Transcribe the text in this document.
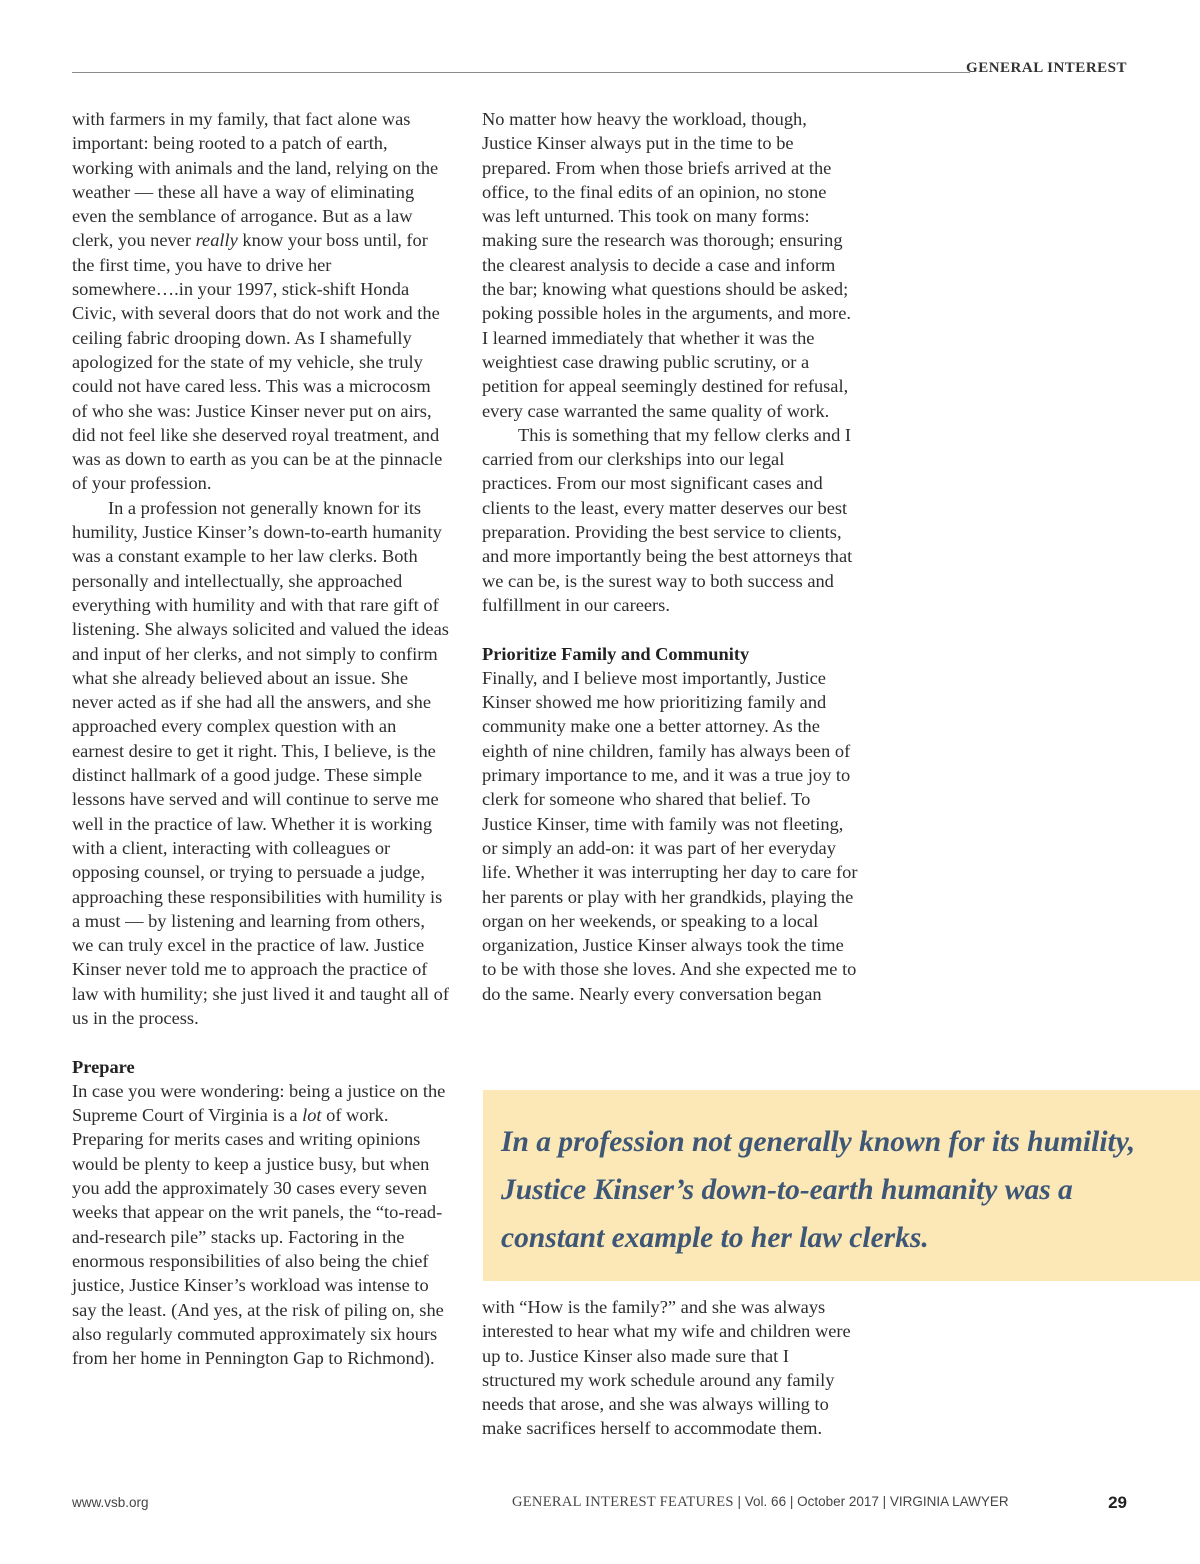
GENERAL INTEREST

with farmers in my family, that fact alone was important: being rooted to a patch of earth, working with animals and the land, relying on the weather — these all have a way of eliminating even the semblance of arrogance. But as a law clerk, you never really know your boss until, for the first time, you have to drive her somewhere….in your 1997, stick-shift Honda Civic, with several doors that do not work and the ceiling fabric drooping down. As I shamefully apologized for the state of my vehicle, she truly could not have cared less. This was a microcosm of who she was: Justice Kinser never put on airs, did not feel like she deserved royal treatment, and was as down to earth as you can be at the pinnacle of your profession.

In a profession not generally known for its humility, Justice Kinser’s down-to-earth humanity was a constant example to her law clerks. Both personally and intellectually, she approached everything with humility and with that rare gift of listening. She always solicited and valued the ideas and input of her clerks, and not simply to confirm what she already believed about an issue. She never acted as if she had all the answers, and she approached every complex question with an earnest desire to get it right. This, I believe, is the distinct hallmark of a good judge. These simple lessons have served and will continue to serve me well in the practice of law. Whether it is working with a client, interacting with colleagues or opposing counsel, or trying to persuade a judge, approaching these responsibilities with humility is a must — by listening and learning from others, we can truly excel in the practice of law. Justice Kinser never told me to approach the practice of law with humility; she just lived it and taught all of us in the process.

Prepare

In case you were wondering: being a justice on the Supreme Court of Virginia is a lot of work. Preparing for merits cases and writing opinions would be plenty to keep a justice busy, but when you add the approximately 30 cases every seven weeks that appear on the writ panels, the “to-read-and-research pile” stacks up. Factoring in the enormous responsibilities of also being the chief justice, Justice Kinser’s workload was intense to say the least. (And yes, at the risk of piling on, she also regularly commuted approximately six hours from her home in Pennington Gap to Richmond).

No matter how heavy the workload, though, Justice Kinser always put in the time to be prepared. From when those briefs arrived at the office, to the final edits of an opinion, no stone was left unturned. This took on many forms: making sure the research was thorough; ensuring the clearest analysis to decide a case and inform the bar; knowing what questions should be asked; poking possible holes in the arguments, and more. I learned immediately that whether it was the weightiest case drawing public scrutiny, or a petition for appeal seemingly destined for refusal, every case warranted the same quality of work.

This is something that my fellow clerks and I carried from our clerkships into our legal practices. From our most significant cases and clients to the least, every matter deserves our best preparation. Providing the best service to clients, and more importantly being the best attorneys that we can be, is the surest way to both success and fulfillment in our careers.

Prioritize Family and Community

Finally, and I believe most importantly, Justice Kinser showed me how prioritizing family and community make one a better attorney. As the eighth of nine children, family has always been of primary importance to me, and it was a true joy to clerk for someone who shared that belief. To Justice Kinser, time with family was not fleeting, or simply an add-on: it was part of her everyday life. Whether it was interrupting her day to care for her parents or play with her grandkids, playing the organ on her weekends, or speaking to a local organization, Justice Kinser always took the time to be with those she loves. And she expected me to do the same. Nearly every conversation began

In a profession not generally known for its humility, Justice Kinser’s down-to-earth humanity was a constant example to her law clerks.

with “How is the family?” and she was always interested to hear what my wife and children were up to. Justice Kinser also made sure that I structured my work schedule around any family needs that arose, and she was always willing to make sacrifices herself to accommodate them.

www.vsb.org	GENERAL INTEREST FEATURES | Vol. 66 | October 2017 | VIRGINIA LAWYER	29
